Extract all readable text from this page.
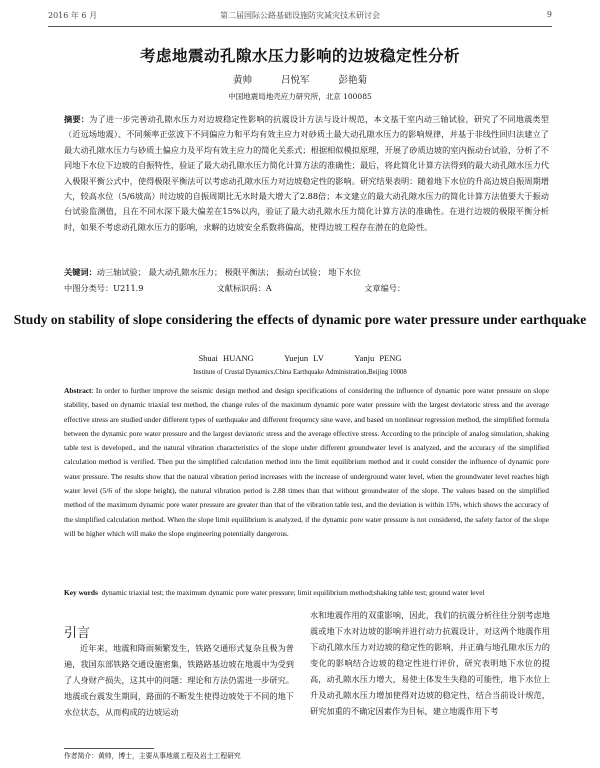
2016 年 6 月	第二届国际公路基础设施防灾减灾技术研讨会	9
考虑地震动孔隙水压力影响的边坡稳定性分析
黄帅	吕悦军	彭艳菊
中国地震局地壳应力研究所，北京 100085
摘要：为了进一步完善动孔隙水压力对边坡稳定性影响的抗震设计方法与设计规范，本文基于室内动三轴试验，研究了不同地震类型（近远场地震）、不同频率正弦波下不同偏应力和平均有效主应力对砂质土最大动孔隙水压力的影响规律，并基于非线性回归法建立了最大动孔隙水压力与砂质土偏应力及平均有效主应力的简化关系式；根据相似模拟原理，开展了砂质边坡的室内振动台试验，分析了不同地下水位下边坡的自振特性，验证了最大动孔隙水压力简化计算方法的准确性；最后，将此简化计算方法得到的最大动孔隙水压力代入极限平衡公式中，使得极限平衡法可以考虑动孔隙水压力对边坡稳定性的影响。研究结果表明：随着地下水位的升高边坡自振周期增大，较高水位（5/6坡高）时边坡的自振周期比无水时最大增大了2.88倍；本文建立的最大动孔隙水压力的简化计算方法值要大于振动台试验监测值，且在不同水深下最大偏差在15%以内，验证了最大动孔隙水压力简化计算方法的准确性。在进行边坡的极限平衡分析时，如果不考虑动孔隙水压力的影响，求解的边坡安全系数将偏高，使得边坡工程存在潜在的危险性。
关键词：动三轴试验； 最大动孔隙水压力； 极限平衡法； 振动台试验； 地下水位
中图分类号：U211.9	文献标识码：A	文章编号：
Study on stability of slope considering the effects of dynamic pore water pressure under earthquake
Shuai HUANG	Yuejun LV	Yanju PENG
Institute of Crustal Dynamics,China Earthquake Administration,Beijing 10008
Abstract: In order to further improve the seismic design method and design specifications of considering the influence of dynamic pore water pressure on slope stability, based on dynamic triaxial test method, the change rules of the maximum dynamic pore water pressure with the largest deviatoric stress and the average effective stress are studied under different types of earthquake and different frequency sine wave, and based on nonlinear regression method, the simplified formula between the dynamic pore water pressure and the largest deviatoric stress and the average effective stress. According to the principle of analog simulation, shaking table test is developed., and the natural vibration characteristics of the slope under different groundwater level is analyzed, and the accuracy of the simplified calculation method is verified. Then put the simplified calculation method into the limit equilibrium method and it could consider the influence of dynamic pore water pressure. The results show that the natural vibration period increases with the increase of underground water level, when the groundwater level reaches high water level (5/6 of the slope height), the natural vibration period is 2.88 times than that without groundwater of the slope. The values based on the simplified method of the maximum dynamic pore water pressure are greater than that of the vibration table test, and the deviation is within 15%, which shows the accuracy of the simplified calculation method. When the slope limit equilibrium is analyzed, if the dynamic pore water pressure is not considered, the safety factor of the slope will be higher which will make the slope engineering potentially dangerous.
Key words dynamic triaxial test; the maximum dynamic pore water pressure; limit equilibrium method;shaking table test; ground water level
引言
近年来，地震和降雨频繁发生，铁路交通形式复杂且极为普遍，我国东部铁路交通设施密集，铁路路基边坡在地震中为受到了人身财产损失，这其中的问题：理论和方法仍需进一步研究。地震或台震发生期间，路面的不断发生使得边坡处于不同的地下水位状态，从而构成的边坡运动
水和地震作用的双重影响，因此，我们的抗震分析往往分别考虑地震或地下水对边坡的影响并进行动力抗震设计，对这两个地震作用下动孔隙水压力对边坡的稳定性的影响，并正确与地孔隙水压力的变化的影响结合边坡的稳定性进行评价，研究表明地下水位的提高，动孔隙水压力增大，易使土体发生失稳的可能性，地下水位上升及动孔隙水压力增加使得对边坡的稳定性，结合当前设计规范，研究加重的不确定因素作为目标，建立地震作用下考
作者简介：黄帅，博士，主要从事地震工程及岩土工程研究
